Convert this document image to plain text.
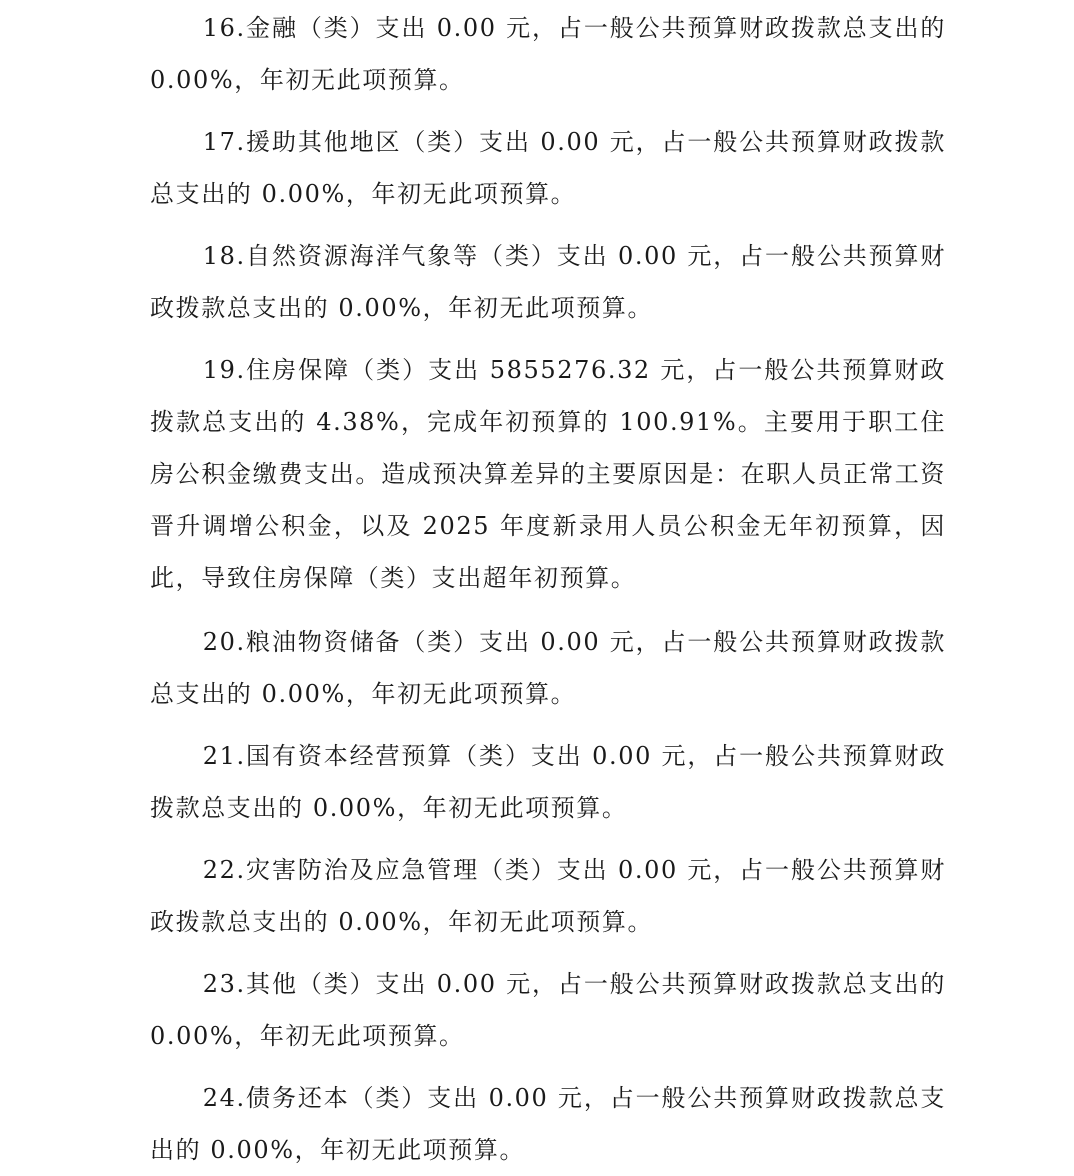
16.金融（类）支出 0.00 元，占一般公共预算财政拨款总支出的 0.00%，年初无此项预算。

17.援助其他地区（类）支出 0.00 元，占一般公共预算财政拨款总支出的 0.00%，年初无此项预算。

18.自然资源海洋气象等（类）支出 0.00 元，占一般公共预算财政拨款总支出的 0.00%，年初无此项预算。

19.住房保障（类）支出 5855276.32 元，占一般公共预算财政拨款总支出的 4.38%，完成年初预算的 100.91%。主要用于职工住房公积金缴费支出。造成预决算差异的主要原因是：在职人员正常工资晋升调增公积金，以及 2025 年度新录用人员公积金无年初预算，因此，导致住房保障（类）支出超年初预算。

20.粮油物资储备（类）支出 0.00 元，占一般公共预算财政拨款总支出的 0.00%，年初无此项预算。

21.国有资本经营预算（类）支出 0.00 元，占一般公共预算财政拨款总支出的 0.00%，年初无此项预算。

22.灾害防治及应急管理（类）支出 0.00 元，占一般公共预算财政拨款总支出的 0.00%，年初无此项预算。

23.其他（类）支出 0.00 元，占一般公共预算财政拨款总支出的 0.00%，年初无此项预算。

24.债务还本（类）支出 0.00 元，占一般公共预算财政拨款总支出的 0.00%，年初无此项预算。
